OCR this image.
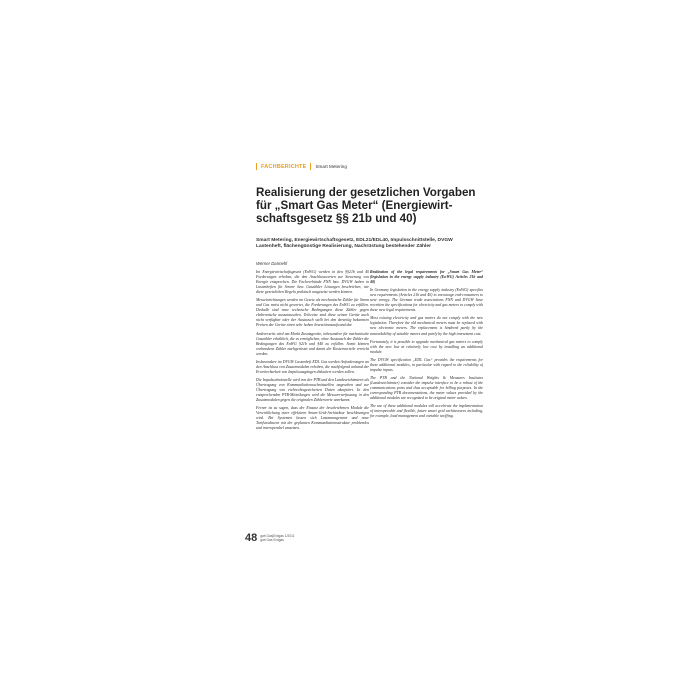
FACHBERICHTE Smart Metering
Realisierung der gesetzlichen Vorgaben für „Smart Gas Meter“ (Energiewirt-schaftsgesetz §§ 21b und 40)

Smart Metering, Energiewirtschaftsgesetz, EDL21/EDL40, Impulsschnittstelle, DVGW Lastenheft, flächengünstige Realisierung, Nachrüstung bestehender Zähler

Werner Dannehl

Im Energiewirtschaftsgesetz (EnWG) werden in den §§21b und 40 Forderungen erhoben, die den Anschlusswerten zur Steuerung von Energie entsprechen. Die Fachverbände FNN bzw. DVGW haben in Lastenheften für Strom- bzw. Gaszähler Lösungen beschrieben, wie diese gesetzlichen Regeln praktisch umgesetzt werden können.

Messeinrichtungen werden im Gesetz als mechanische Zähler für Strom und Gas meist nicht gewertet, die Forderungen des EnWG zu erfüllen. Deshalb sind neue technische Bedingungen diese Zähler gegen elektronische auszutauschen. Teilweise sind diese seinen Geräte auch nicht verfügbar oder der Austausch stellt bei den derzeitig bekannten Preisen der Geräte einen sehr hohen Investitionsaufwand dar.

Andererseits wird am Markt Zusatzgeräte, inbesondere für mechanische Gaszähler erhältlich, die es ermöglichen, ohne Austausch der Zähler die Bedingungen des EnWG §21b und §40 zu erfüllen. Somit können vorhandene Zähler nachgerüstet und damit die Kostenvorteile erreicht werden.

Insbesondere im DVGW Lastenheft EDL Gas werden Anforderungen an den Anschluss von Zusatzmodulen erhoben, die nachfolgend anhand der Erweiterbarkeit von Impulsausgängen diskutiert werden sollen.

Die Impulsschnittstelle wird von der PTB und den Landeseichämtern als Übertragung von Kommunikationsschnittstellen angesehen und zur Übertragung von eichrechtsgesicherten Daten akzeptiert. In den entsprechenden PTB-Mitteilungen wird die Messwerterfassung in den Zusatzmodulen gegen die originalen Zählerwerte anerkannt.

Ferner ist zu sagen, dass der Einsatz der beschriebenen Module die Verwirklichung einer effektiven Smart-Grid-Architektur beschleunigen wird. Bei Systemen lassen sich Lastmanagement und neue Tarifstrukturen mit der geplanten Kommunikationsstruktur problemlos und interoperabel umsetzen.

Realization of the legal requirements for „Smart Gas Meter“ (legislation in the energy supply industry (EnWG) Articles 21b and 40)

In Germany legislation in the energy supply industry (EnWG) specifies new requirements (Articles 21b and 40) to encourage end-consumers to save energy. The German trade associations FNN and DVGW have rewritten the specifications for electricity and gas meters to comply with these new legal requirements.

Most existing electricity and gas meters do not comply with the new legislation. Therefore the old mechanical meters must be replaced with new electronic meters. The replacement is hindered partly by the unavailability of suitable meters and partly by the high investment cost.

Fortunately, it is possible to upgrade mechanical gas meters to comply with the new law at relatively low cost by installing an additional module.

The DVGW specification „EDL Gas“ provides the requirements for these additional modules, in particular with regard to the reliability of impulse inputs.

The PTB and the National Weights & Measures Institutes (Landeseichämter) consider the impulse interface to be a robust of the communications ports and thus acceptable for billing purposes. In the corresponding PTB documentations, the meter values provided by the additional modules are recognized to be original meter values.

The use of these additional modules will accelerate the implementation of interoperable and flexible, future smart grid architectures including, for example, load management and variable tariffing.

48 gwf-Gas|Erdgas 1/2011
gwf-Gas Erdgas
